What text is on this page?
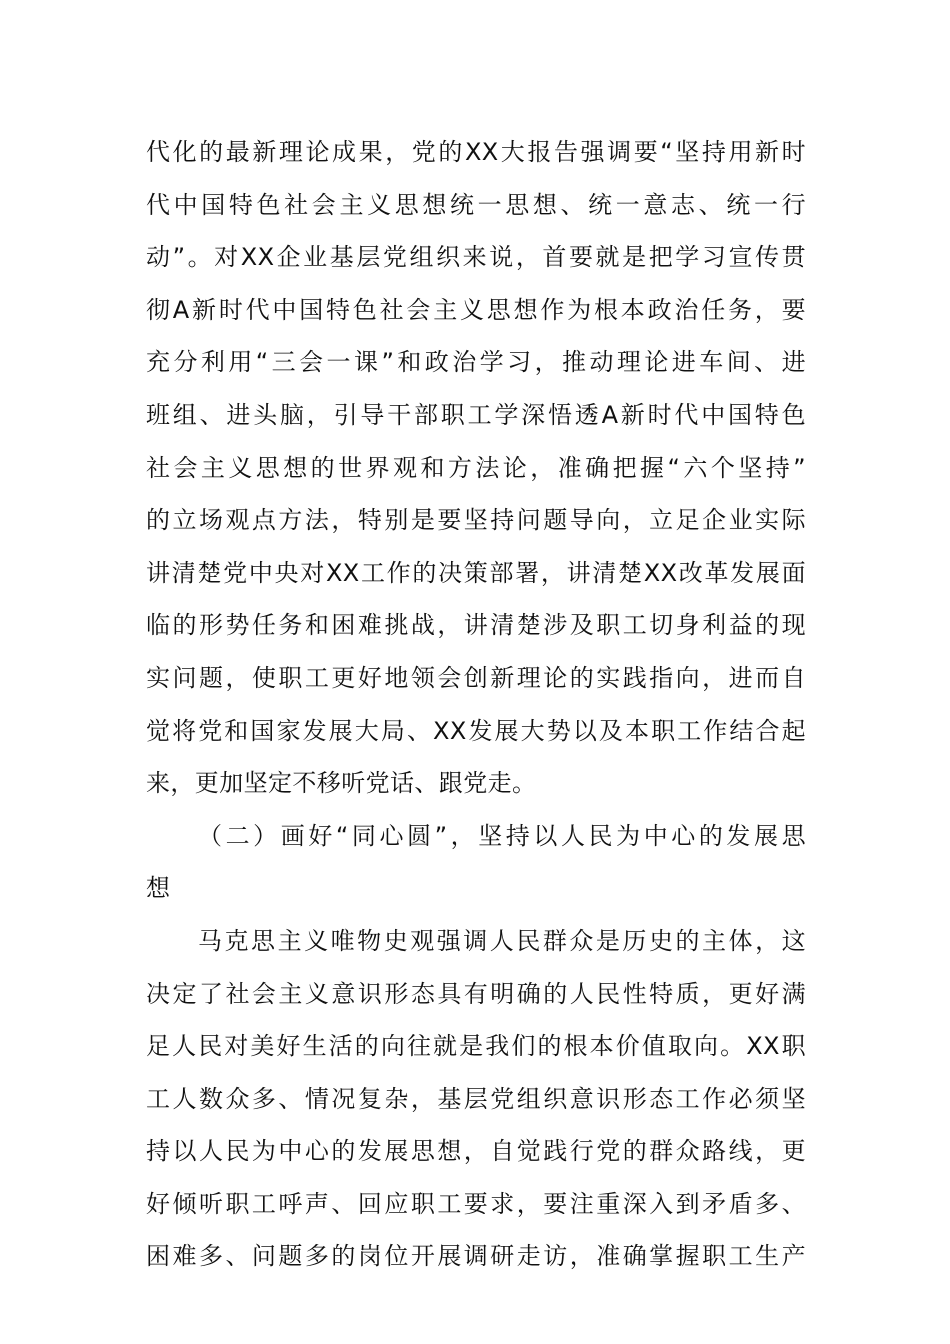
代化的最新理论成果，党的XX大报告强调要“坚持用新时
代中国特色社会主义思想统一思想、统一意志、统一行
动”。对XX企业基层党组织来说，首要就是把学习宣传贯
彻A新时代中国特色社会主义思想作为根本政治任务，要
充分利用“三会一课”和政治学习，推动理论进车间、进
班组、进头脑，引导干部职工学深悟透A新时代中国特色
社会主义思想的世界观和方法论，准确把握“六个坚持”
的立场观点方法，特别是要坚持问题导向，立足企业实际
讲清楚党中央对XX工作的决策部署，讲清楚XX改革发展面
临的形势任务和困难挑战，讲清楚涉及职工切身利益的现
实问题，使职工更好地领会创新理论的实践指向，进而自
觉将党和国家发展大局、XX发展大势以及本职工作结合起
来，更加坚定不移听党话、跟党走。
（二）画好“同心圆”，坚持以人民为中心的发展思
想
马克思主义唯物史观强调人民群众是历史的主体，这
决定了社会主义意识形态具有明确的人民性特质，更好满
足人民对美好生活的向往就是我们的根本价值取向。XX职
工人数众多、情况复杂，基层党组织意识形态工作必须坚
持以人民为中心的发展思想，自觉践行党的群众路线，更
好倾听职工呼声、回应职工要求，要注重深入到矛盾多、
困难多、问题多的岗位开展调研走访，准确掌握职工生产
